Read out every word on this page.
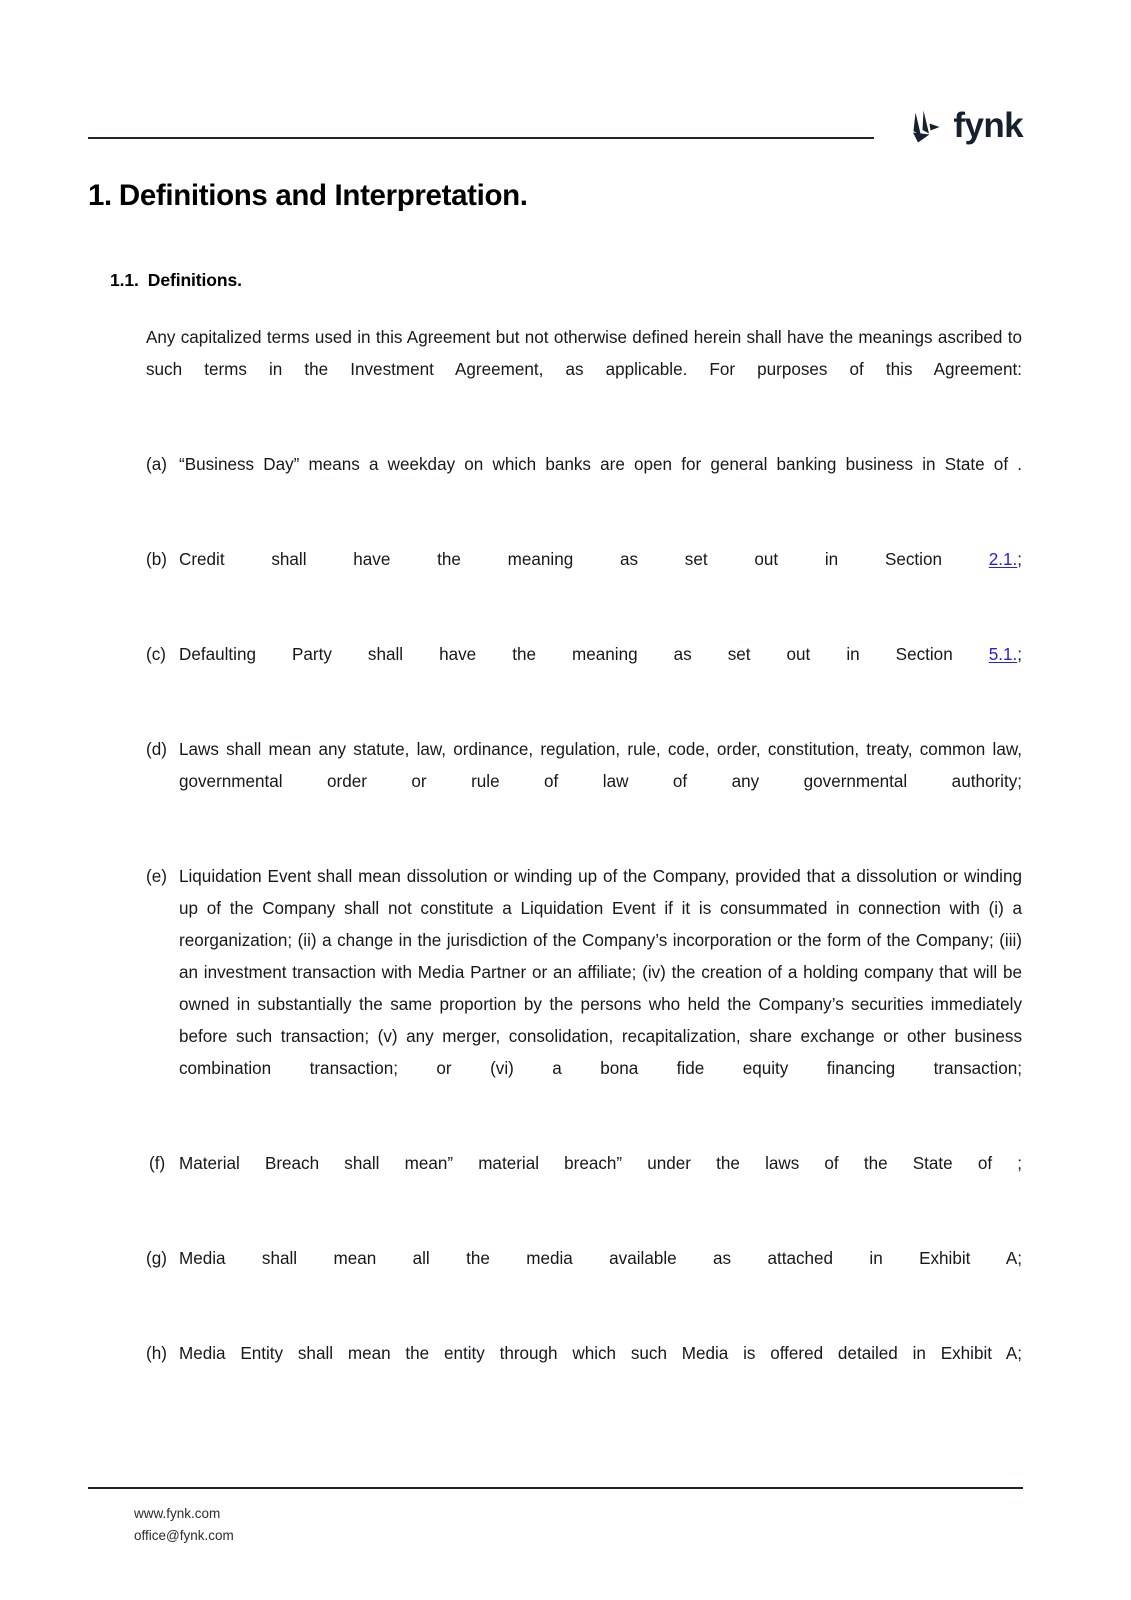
fynk
1. Definitions and Interpretation.
1.1. Definitions.

Any capitalized terms used in this Agreement but not otherwise defined herein shall have the meanings ascribed to such terms in the Investment Agreement, as applicable. For purposes of this Agreement:

(a) “Business Day” means a weekday on which banks are open for general banking business in State of .
(b) Credit shall have the meaning as set out in Section 2.1.;
(c) Defaulting Party shall have the meaning as set out in Section 5.1.;
(d) Laws shall mean any statute, law, ordinance, regulation, rule, code, order, constitution, treaty, common law, governmental order or rule of law of any governmental authority;
(e) Liquidation Event shall mean dissolution or winding up of the Company, provided that a dissolution or winding up of the Company shall not constitute a Liquidation Event if it is consummated in connection with (i) a reorganization; (ii) a change in the jurisdiction of the Company’s incorporation or the form of the Company; (iii) an investment transaction with Media Partner or an affiliate; (iv) the creation of a holding company that will be owned in substantially the same proportion by the persons who held the Company’s securities immediately before such transaction; (v) any merger, consolidation, recapitalization, share exchange or other business combination transaction; or (vi) a bona fide equity financing transaction;
(f) Material Breach shall mean” material breach” under the laws of the State of ;
(g) Media shall mean all the media available as attached in Exhibit A;
(h) Media Entity shall mean the entity through which such Media is offered detailed in Exhibit A;
www.fynk.com
office@fynk.com
